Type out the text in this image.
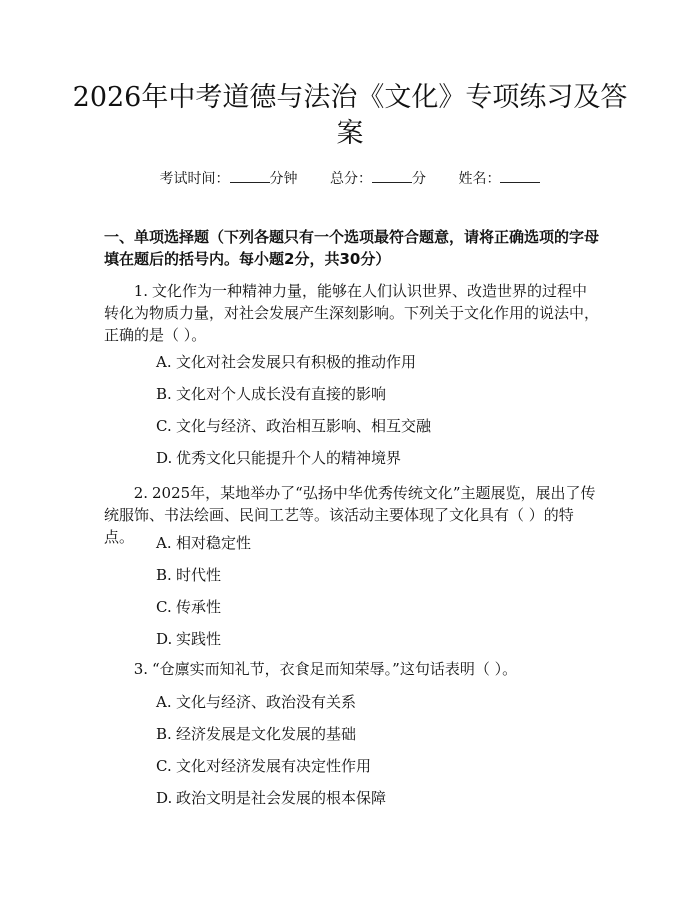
2026年中考道德与法治《文化》专项练习及答案
考试时间：	分钟 总分：	分 姓名：

一、单项选择题（下列各题只有一个选项最符合题意，请将正确选项的字母填在题后的括号内。每小题2分，共30分）

1. 文化作为一种精神力量，能够在人们认识世界、改造世界的过程中转化为物质力量，对社会发展产生深刻影响。下列关于文化作用的说法中，正确的是（ ）。

A. 文化对社会发展只有积极的推动作用

B. 文化对个人成长没有直接的影响

C. 文化与经济、政治相互影响、相互交融

D. 优秀文化只能提升个人的精神境界

2. 2025年，某地举办了“弘扬中华优秀传统文化”主题展览，展出了传统服饰、书法绘画、民间工艺等。该活动主要体现了文化具有（ ）的特点。	A. 相对稳定性

B. 时代性

C. 传承性

D. 实践性

3. “仓廪实而知礼节，衣食足而知荣辱。”这句话表明（ ）。

A. 文化与经济、政治没有关系

B. 经济发展是文化发展的基础

C. 文化对经济发展有决定性作用

D. 政治文明是社会发展的根本保障
